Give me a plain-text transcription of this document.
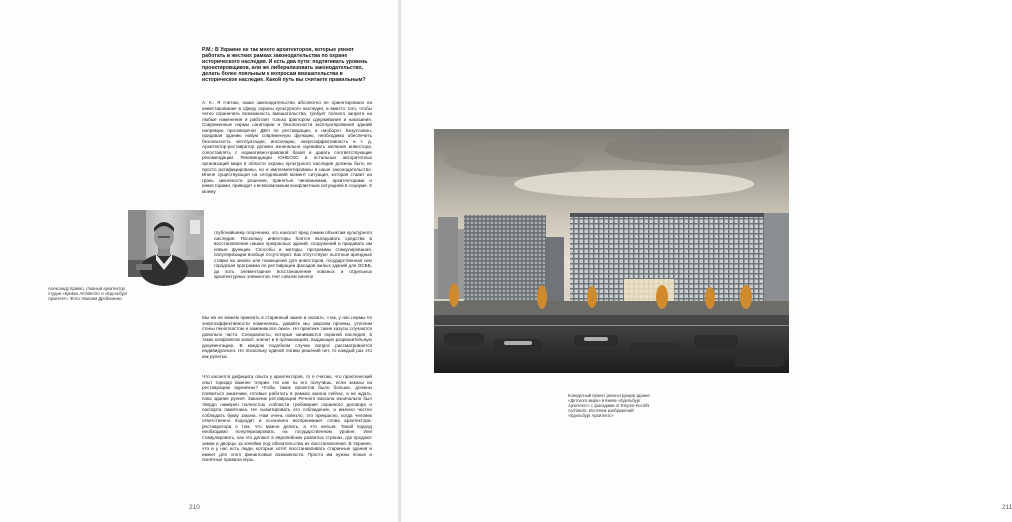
Р.М.: В Украине не так много архитекторов, которые умеют работать в жестких рамках законодательства по охране исторического наследия. И есть два пути: подтягивать уровень проектировщиков, или же либерализовать законодательство, делать более лояльным к вопросам вмешательства в историческое наследие. Какой путь вы считаете правильным?

А. К.: Я считаю, наше законодательство абсолютно не ориентировано на инвестирование в сферу охраны культурного наследия, и вместо того, чтобы четко ограничить возможность вмешательства, требует полного запрета на любые изменения и работает только фактором сдерживания и наказания. Современные нормы санитарии и безопасности эксплуатирования зданий напрямую противоречат ДБН по реставрации, и наоборот. Безусловно, придавая зданию новую современную функцию, необходимо обеспечить безопасность эксплуатации, инсоляцию, энергоэффективность и т. д. Архитектор-реставратор должен изначально оценивать желания инвестора, сопоставлять с нормативно-правовой базой и давать соответствующие рекомендации. Рекомендации ЮНЕСКО и остальных авторитетных организаций мира в области охраны культурного наследия должны быть не просто ратифицированы, но и имплементированы в наше законодательство. Иначе существующая на сегодняшний момент ситуация, которая ставит на грань законности решения, принятые чиновниками, архитекторами и инвесторами, приводит к всевозможным конфликтным ситуациям в социуме. К моему

глубочайшему огорчению, это наносит вред самим объектам культурного наследия. Поскольку инвесторы боятся вкладывать средства в восстановление наших прекрасных зданий, сооружений и придавать им новые функции. Способы и методы, программы стимулирования, популяризации вообще отсутствуют. Как отсутствуют льготные арендные ставки на землю или помещения для инвесторов, государственная или городская программа по реставрации фасадов жилых зданий для ОСББ, да хоть элементарное восстановление кованых и отдельных архитектурных элементов. Нет совсем ничего!

Александр Кривко, главный архитектор студии «Кривко Architects» и «Едельбург Архитект». Фото: Максим Дробиненко

Мы же не можем приехать в старинный замок и сказать: «так, у нас нормы по энергоэффективности поменялись, давайте мы закроем проемы, утеплим стены пенопластом и заменим все окна». Но практике такие казусы случаются довольно часто. Специалисты, которые занимаются охраной наследия, в таких конфликтах знают, значит и в организациях, выдающих разрешительную документацию. В каждом подобном случае вопрос рассматривается индивидуально. Но поскольку единой логики решений нет, то каждый раз это как рулетка.

Что касается дефицита опыта у архитекторов, то я считаю, что практический опыт гораздо важнее теории. Но как ты его получишь, если заказы на реставрацию единичны? Чтобы таких проектов было больше, должны появиться заказчики, готовые работать в рамках закона сейчас, а не ждать, пока здание рухнет. Заказчик реставрации Речного вокзала изначально был твердо намерен полностью соблюсти требования охранного договора и паспорта памятника. Не сымитировать его соблюдение, а именно честно соблюдать букву закона. Нам очень повезло, это прекрасно, когда человек ответственно подходит и осознанно воспринимает слова архитектора-реставратора о том, что можно делать, а что нельзя. Такой подход необходимо популяризировать на государственном уровне. Или стимулировать, как это делают в европейских развитых странах, где продают замки и дворцы за копейки под обязательства их восстановления. В Украине, что и у нас есть люди, которые хотят восстанавливать старинные здания и имеют для этого финансовые возможности. Просто им нужны ясные и понятные правила игры.

210	211
Конкурсный проект реконструкции здания «Детского мира» в Киеве «Едельбург Архитектс» с фасадами от Empire-Kecinhi Architects. Источник изображений: «Едельбург Архитектс»
